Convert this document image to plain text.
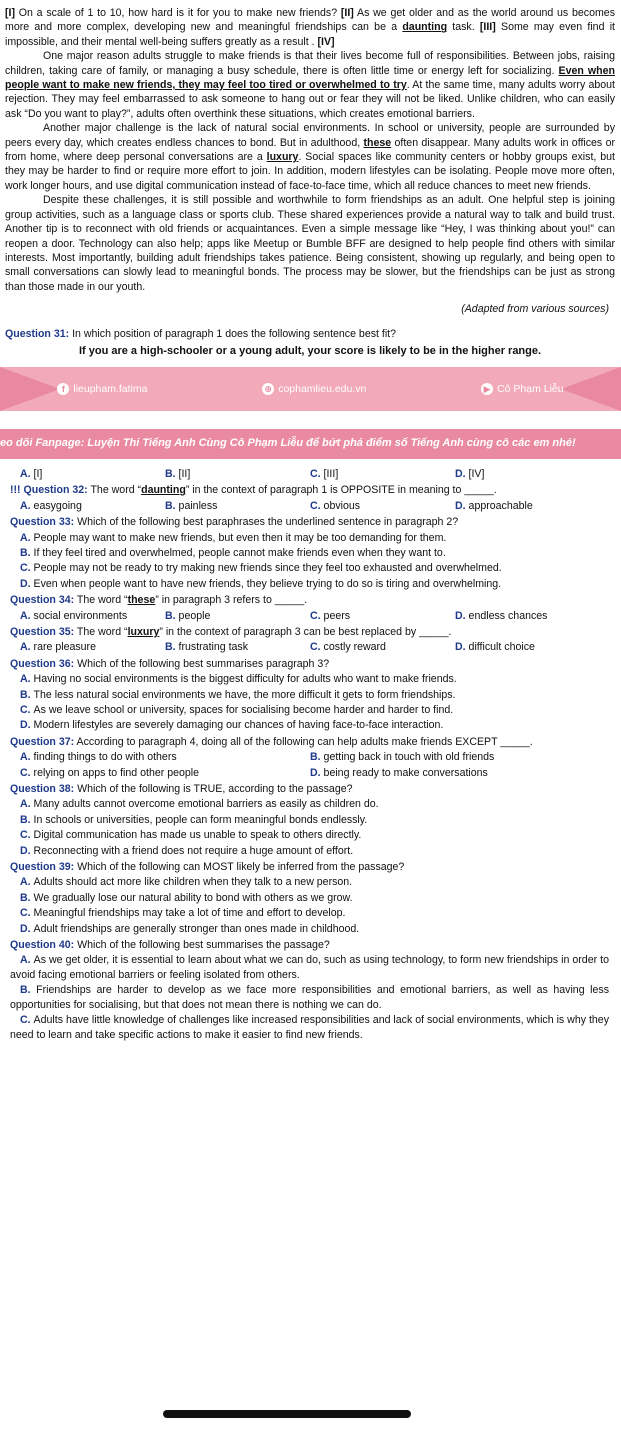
[I] On a scale of 1 to 10, how hard is it for you to make new friends? [II] As we get older and as the world around us becomes more and more complex, developing new and meaningful friendships can be a daunting task. [III] Some may even find it impossible, and their mental well-being suffers greatly as a result . [IV]

One major reason adults struggle to make friends is that their lives become full of responsibilities. Between jobs, raising children, taking care of family, or managing a busy schedule, there is often little time or energy left for socializing. Even when people want to make new friends, they may feel too tired or overwhelmed to try. At the same time, many adults worry about rejection. They may feel embarrassed to ask someone to hang out or fear they will not be liked. Unlike children, who can easily ask “Do you want to play?”, adults often overthink these situations, which creates emotional barriers.

Another major challenge is the lack of natural social environments. In school or university, people are surrounded by peers every day, which creates endless chances to bond. But in adulthood, these often disappear. Many adults work in offices or from home, where deep personal conversations are a luxury. Social spaces like community centers or hobby groups exist, but they may be harder to find or require more effort to join. In addition, modern lifestyles can be isolating. People move more often, work longer hours, and use digital communication instead of face-to-face time, which all reduce chances to meet new friends.

Despite these challenges, it is still possible and worthwhile to form friendships as an adult. One helpful step is joining group activities, such as a language class or sports club. These shared experiences provide a natural way to talk and build trust. Another tip is to reconnect with old friends or acquaintances. Even a simple message like “Hey, I was thinking about you!” can reopen a door. Technology can also help; apps like Meetup or Bumble BFF are designed to help people find others with similar interests. Most importantly, building adult friendships takes patience. Being consistent, showing up regularly, and being open to small conversations can slowly lead to meaningful bonds. The process may be slower, but the friendships can be just as strong than those made in our youth.

(Adapted from various sources)
Question 31: In which position of paragraph 1 does the following sentence best fit?
If you are a high-schooler or a young adult, your score is likely to be in the higher range.
f lieupham.fatima	⊕ cophamlieu.edu.vn	▶ Cô Phạm Liễu
eo dõi Fanpage: Luyện Thi Tiếng Anh Cùng Cô Phạm Liễu để bứt phá điểm số Tiếng Anh cùng cô các em nhé!
A. [I]	B. [II]	C. [III]	D. [IV]
!!! Question 32: The word “daunting” in the context of paragraph 1 is OPPOSITE in meaning to _____.
A. easygoing	B. painless	C. obvious	D. approachable
Question 33: Which of the following best paraphrases the underlined sentence in paragraph 2?
A. People may want to make new friends, but even then it may be too demanding for them.
B. If they feel tired and overwhelmed, people cannot make friends even when they want to.
C. People may not be ready to try making new friends since they feel too exhausted and overwhelmed.
D. Even when people want to have new friends, they believe trying to do so is tiring and overwhelming.
Question 34: The word “these” in paragraph 3 refers to _____.
A. social environments	B. people	C. peers	D. endless chances
Question 35: The word “luxury” in the context of paragraph 3 can be best replaced by _____.
A. rare pleasure	B. frustrating task	C. costly reward	D. difficult choice
Question 36: Which of the following best summarises paragraph 3?
A. Having no social environments is the biggest difficulty for adults who want to make friends.
B. The less natural social environments we have, the more difficult it gets to form friendships.
C. As we leave school or university, spaces for socialising become harder and harder to find.
D. Modern lifestyles are severely damaging our chances of having face-to-face interaction.
Question 37: According to paragraph 4, doing all of the following can help adults make friends EXCEPT _____.
A. finding things to do with others	B. getting back in touch with old friends
C. relying on apps to find other people	D. being ready to make conversations
Question 38: Which of the following is TRUE, according to the passage?
A. Many adults cannot overcome emotional barriers as easily as children do.
B. In schools or universities, people can form meaningful bonds endlessly.
C. Digital communication has made us unable to speak to others directly.
D. Reconnecting with a friend does not require a huge amount of effort.
Question 39: Which of the following can MOST likely be inferred from the passage?
A. Adults should act more like children when they talk to a new person.
B. We gradually lose our natural ability to bond with others as we grow.
C. Meaningful friendships may take a lot of time and effort to develop.
D. Adult friendships are generally stronger than ones made in childhood.
Question 40: Which of the following best summarises the passage?
A. As we get older, it is essential to learn about what we can do, such as using technology, to form new friendships in order to avoid facing emotional barriers or feeling isolated from others.
B. Friendships are harder to develop as we face more responsibilities and emotional barriers, as well as having less opportunities for socialising, but that does not mean there is nothing we can do.
C. Adults have little knowledge of challenges like increased responsibilities and lack of social environments, which is why they need to learn and take specific actions to make it easier to find new friends.
